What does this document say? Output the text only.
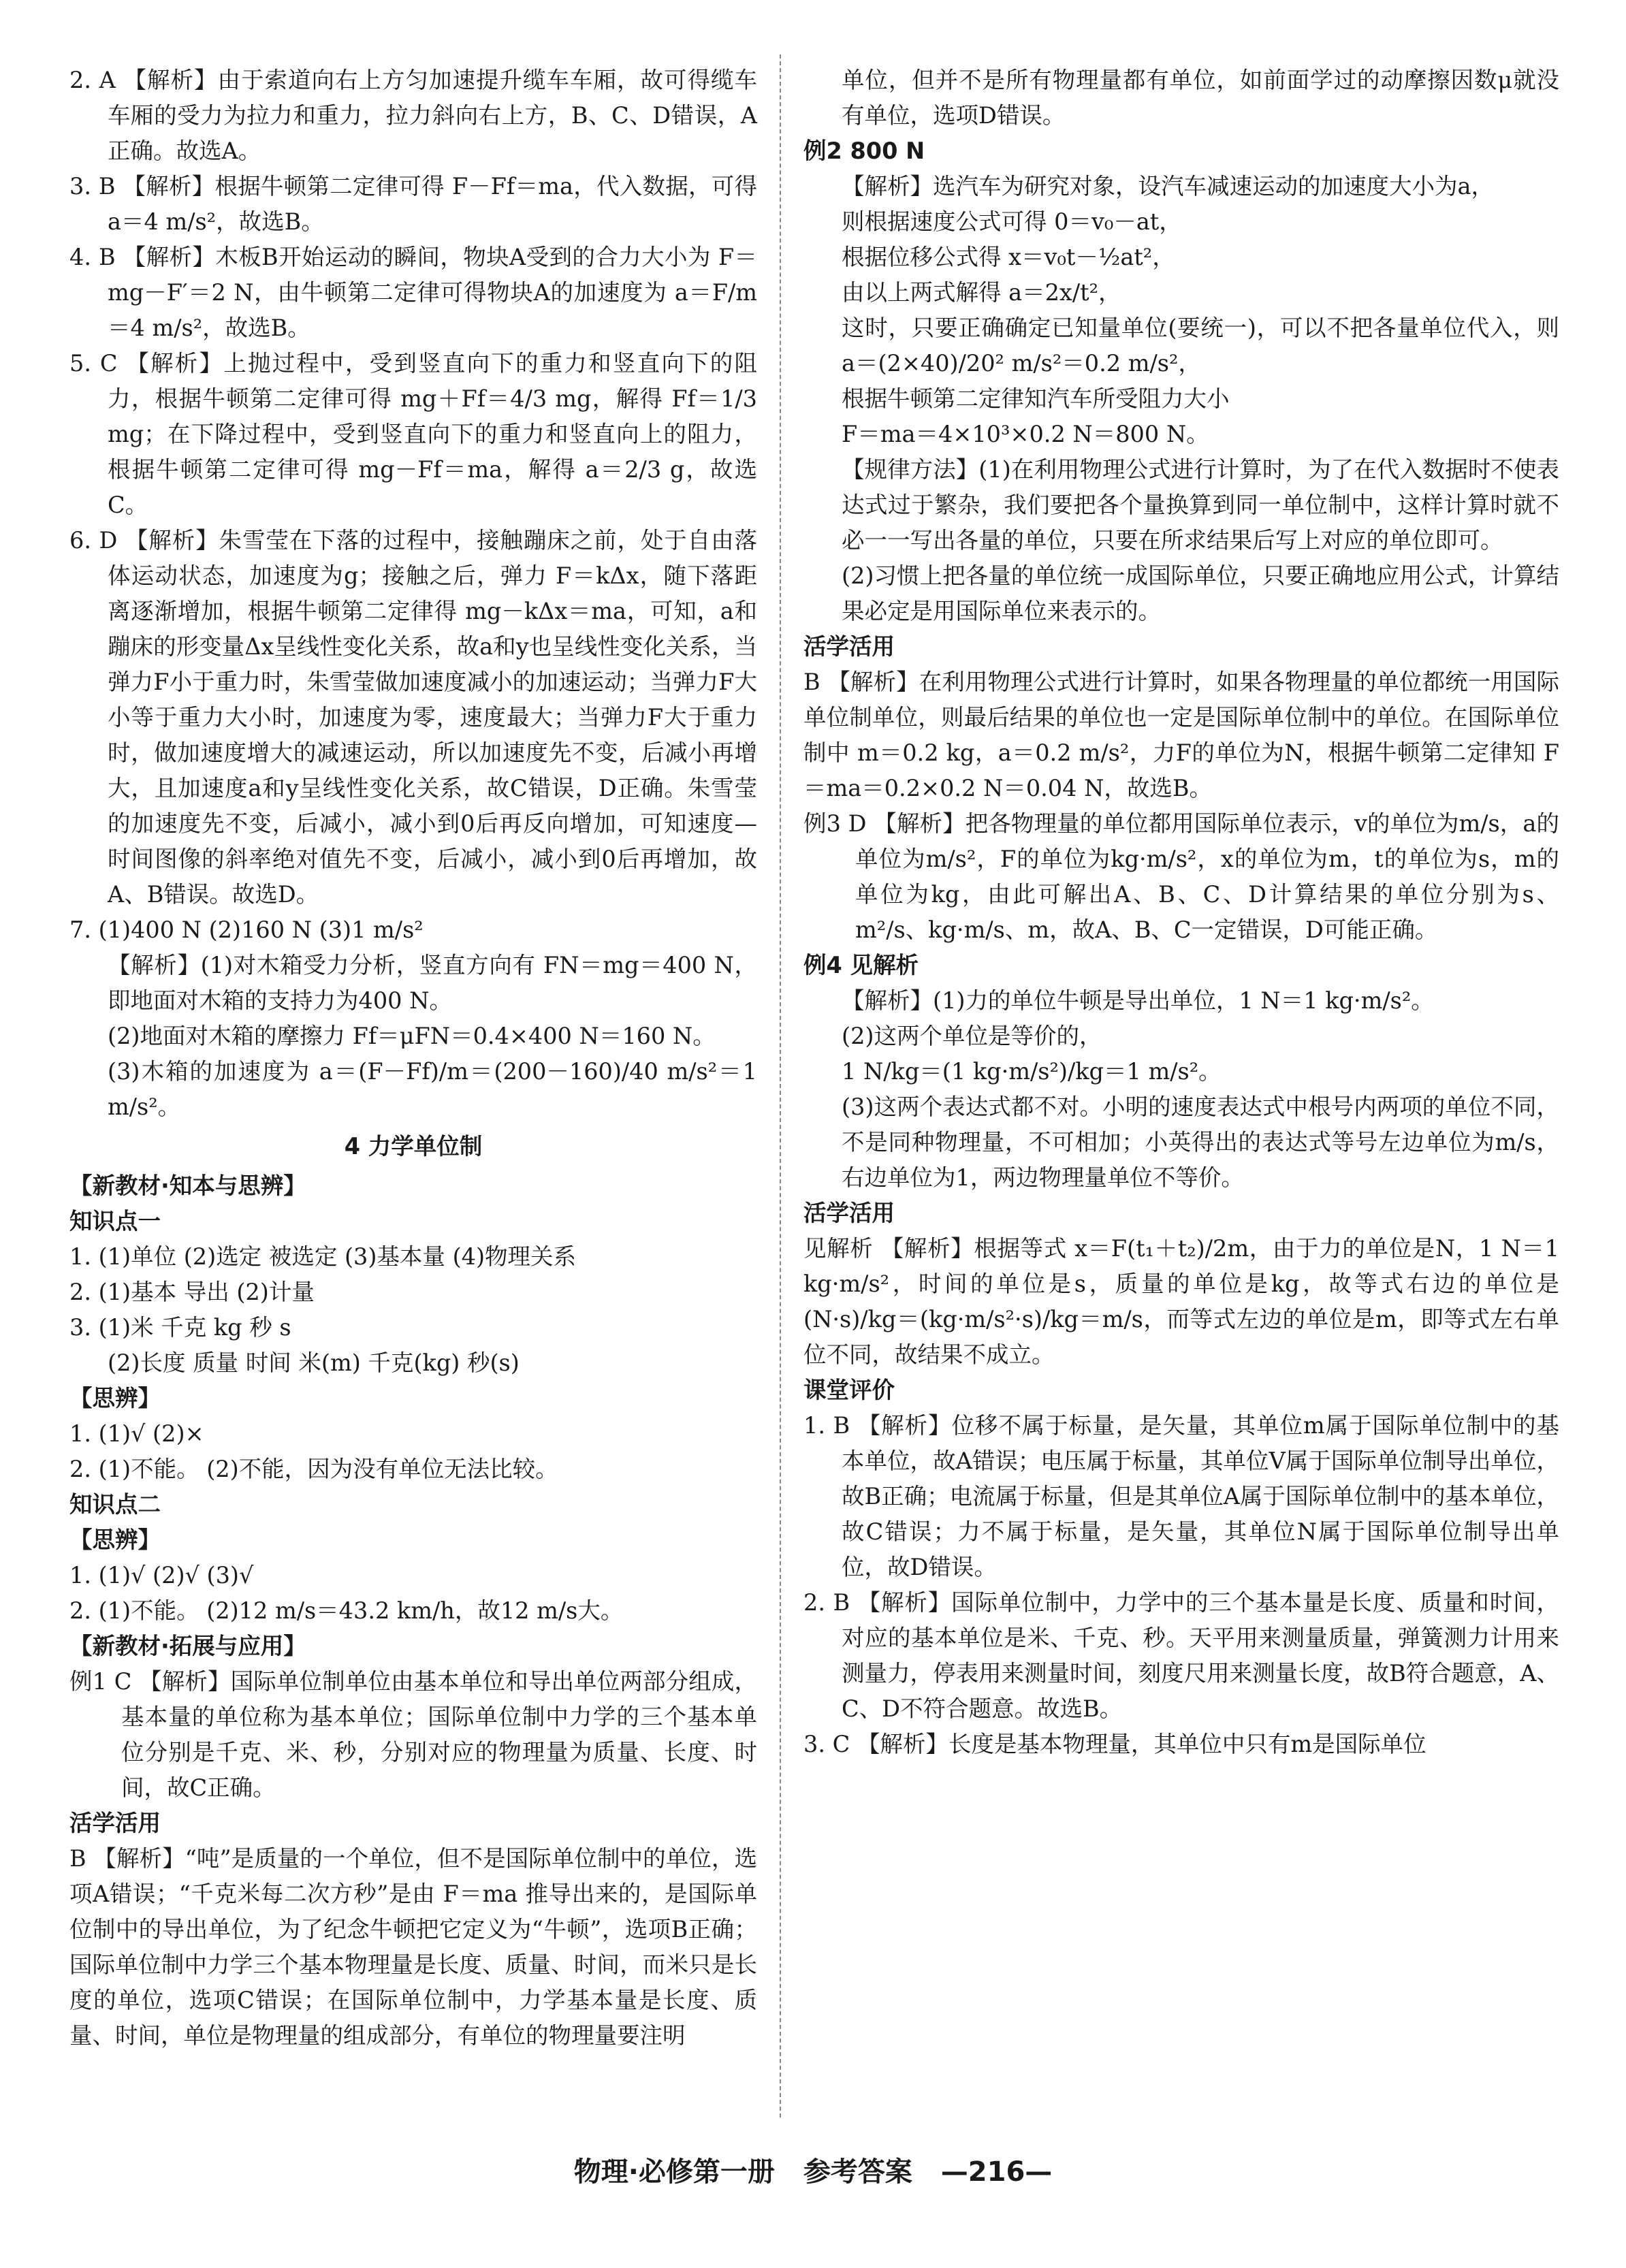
2. A 【解析】由于索道向右上方匀加速提升缆车车厢，故可得缆车车厢的受力为拉力和重力，拉力斜向右上方，B、C、D错误，A正确。故选A。
3. B 【解析】根据牛顿第二定律可得 F－Ff＝ma，代入数据，可得 a＝4 m/s²，故选B。
4. B 【解析】木板B开始运动的瞬间，物块A受到的合力大小为 F＝mg－F′＝2 N，由牛顿第二定律可得物块A的加速度为 a＝F/m＝4 m/s²，故选B。
5. C 【解析】上抛过程中，受到竖直向下的重力和竖直向下的阻力，根据牛顿第二定律可得 mg＋Ff＝4/3 mg，解得 Ff＝1/3 mg；在下降过程中，受到竖直向下的重力和竖直向上的阻力，根据牛顿第二定律可得 mg－Ff＝ma，解得 a＝2/3 g，故选C。
6. D 【解析】朱雪莹在下落的过程中，接触蹦床之前，处于自由落体运动状态，加速度为g；接触之后，弹力 F＝kΔx，随下落距离逐渐增加，根据牛顿第二定律得 mg－kΔx＝ma，可知，a和蹦床的形变量Δx呈线性变化关系，故a和y也呈线性变化关系，当弹力F小于重力时，朱雪莹做加速度减小的加速运动；当弹力F大小等于重力大小时，加速度为零，速度最大；当弹力F大于重力时，做加速度增大的减速运动，所以加速度先不变，后减小再增大，且加速度a和y呈线性变化关系，故C错误，D正确。朱雪莹的加速度先不变，后减小，减小到0后再反向增加，可知速度—时间图像的斜率绝对值先不变，后减小，减小到0后再增加，故A、B错误。故选D。
7. (1)400 N (2)160 N (3)1 m/s²
【解析】(1)对木箱受力分析，竖直方向有 FN＝mg＝400 N，即地面对木箱的支持力为400 N。
(2)地面对木箱的摩擦力 Ff＝μFN＝0.4×400 N＝160 N。
(3)木箱的加速度为 a＝(F－Ff)/m＝(200－160)/40 m/s²＝1 m/s²。
4 力学单位制
【新教材·知本与思辨】
知识点一
1. (1)单位 (2)选定 被选定 (3)基本量 (4)物理关系
2. (1)基本 导出 (2)计量
3. (1)米 千克 kg 秒 s
(2)长度 质量 时间 米(m) 千克(kg) 秒(s)
【思辨】
1. (1)√ (2)×
2. (1)不能。 (2)不能，因为没有单位无法比较。
知识点二
【思辨】
1. (1)√ (2)√ (3)√
2. (1)不能。 (2)12 m/s＝43.2 km/h，故12 m/s大。
【新教材·拓展与应用】
例1 C 【解析】国际单位制单位由基本单位和导出单位两部分组成，基本量的单位称为基本单位；国际单位制中力学的三个基本单位分别是千克、米、秒，分别对应的物理量为质量、长度、时间，故C正确。
活学活用
B 【解析】“吨”是质量的一个单位，但不是国际单位制中的单位，选项A错误；“千克米每二次方秒”是由 F＝ma 推导出来的，是国际单位制中的导出单位，为了纪念牛顿把它定义为“牛顿”，选项B正确；国际单位制中力学三个基本物理量是长度、质量、时间，而米只是长度的单位，选项C错误；在国际单位制中，力学基本量是长度、质量、时间，单位是物理量的组成部分，有单位的物理量要注明
单位，但并不是所有物理量都有单位，如前面学过的动摩擦因数μ就没有单位，选项D错误。
例2 800 N
【解析】选汽车为研究对象，设汽车减速运动的加速度大小为a，
则根据速度公式可得 0＝v₀－at，
根据位移公式得 x＝v₀t－½at²，
由以上两式解得 a＝2x/t²，
这时，只要正确确定已知量单位(要统一)，可以不把各量单位代入，则 a＝(2×40)/20² m/s²＝0.2 m/s²，
根据牛顿第二定律知汽车所受阻力大小
F＝ma＝4×10³×0.2 N＝800 N。
【规律方法】(1)在利用物理公式进行计算时，为了在代入数据时不使表达式过于繁杂，我们要把各个量换算到同一单位制中，这样计算时就不必一一写出各量的单位，只要在所求结果后写上对应的单位即可。
(2)习惯上把各量的单位统一成国际单位，只要正确地应用公式，计算结果必定是用国际单位来表示的。
活学活用
B 【解析】在利用物理公式进行计算时，如果各物理量的单位都统一用国际单位制单位，则最后结果的单位也一定是国际单位制中的单位。在国际单位制中 m＝0.2 kg，a＝0.2 m/s²，力F的单位为N，根据牛顿第二定律知 F＝ma＝0.2×0.2 N＝0.04 N，故选B。
例3 D 【解析】把各物理量的单位都用国际单位表示，v的单位为m/s，a的单位为m/s²，F的单位为kg·m/s²，x的单位为m，t的单位为s，m的单位为kg，由此可解出A、B、C、D计算结果的单位分别为s、m²/s、kg·m/s、m，故A、B、C一定错误，D可能正确。
例4 见解析
【解析】(1)力的单位牛顿是导出单位，1 N＝1 kg·m/s²。
(2)这两个单位是等价的，
1 N/kg＝(1 kg·m/s²)/kg＝1 m/s²。
(3)这两个表达式都不对。小明的速度表达式中根号内两项的单位不同，不是同种物理量，不可相加；小英得出的表达式等号左边单位为m/s，右边单位为1，两边物理量单位不等价。
活学活用
见解析 【解析】根据等式 x＝F(t₁＋t₂)/2m，由于力的单位是N，1 N＝1 kg·m/s²，时间的单位是s，质量的单位是kg，故等式右边的单位是 (N·s)/kg＝(kg·m/s²·s)/kg＝m/s，而等式左边的单位是m，即等式左右单位不同，故结果不成立。
课堂评价
1. B 【解析】位移不属于标量，是矢量，其单位m属于国际单位制中的基本单位，故A错误；电压属于标量，其单位V属于国际单位制导出单位，故B正确；电流属于标量，但是其单位A属于国际单位制中的基本单位，故C错误；力不属于标量，是矢量，其单位N属于国际单位制导出单位，故D错误。
2. B 【解析】国际单位制中，力学中的三个基本量是长度、质量和时间，对应的基本单位是米、千克、秒。天平用来测量质量，弹簧测力计用来测量力，停表用来测量时间，刻度尺用来测量长度，故B符合题意，A、C、D不符合题意。故选B。
3. C 【解析】长度是基本物理量，其单位中只有m是国际单位
物理·必修第一册 参考答案 —216—
